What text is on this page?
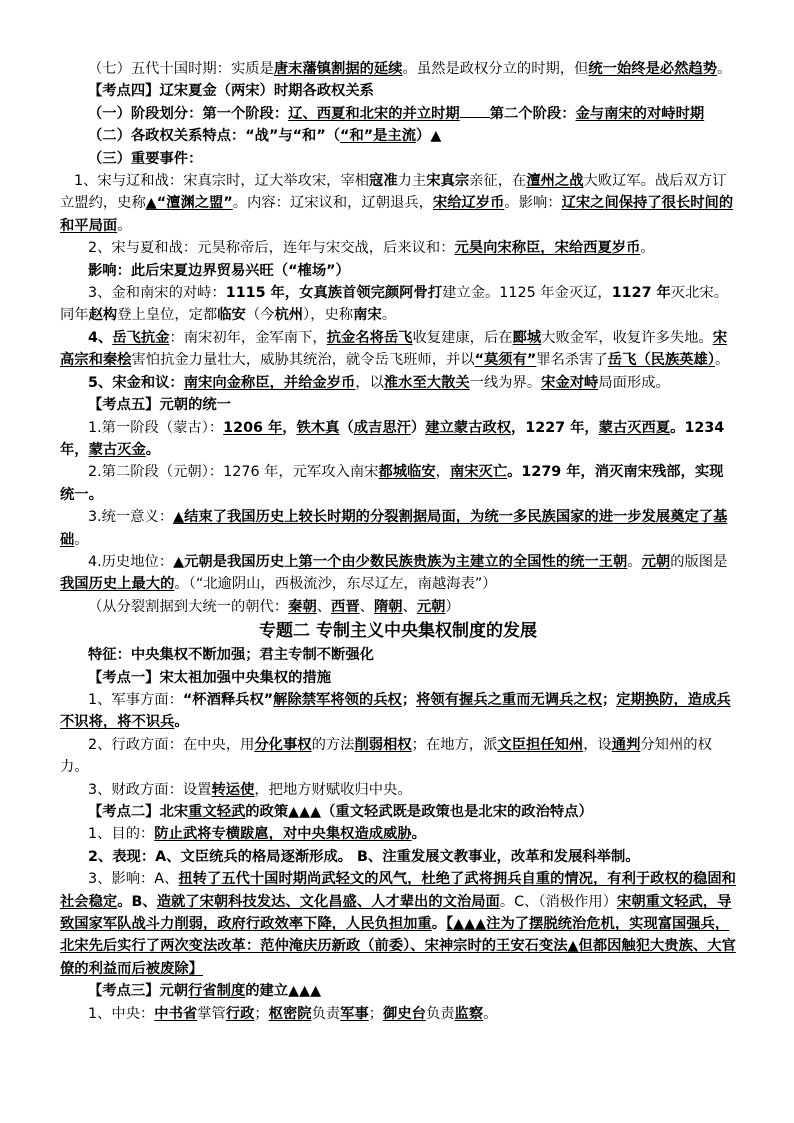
（七）五代十国时期：实质是唐末藩镇割据的延续。虽然是政权分立的时期，但统一始终是必然趋势。

【考点四】辽宋夏金（两宋）时期各政权关系

（一）阶段划分：第一个阶段：辽、西夏和北宋的并立时期 第二个阶段：金与南宋的对峙时期

（二）各政权关系特点：“战”与“和”（“和”是主流）▲

（三）重要事件：

1、宋与辽和战：宋真宗时，辽大举攻宋，宰相寇准力主宋真宗亲征，在澶州之战大败辽军。战后双方订立盟约，史称▲“澶渊之盟”。内容：辽宋议和，辽朝退兵，宋给辽岁币。影响：辽宋之间保持了很长时间的和平局面。

2、宋与夏和战：元昊称帝后，连年与宋交战，后来议和：元昊向宋称臣，宋给西夏岁币。

影响：此后宋夏边界贸易兴旺（“榷场”）

3、金和南宋的对峙：1115 年，女真族首领完颜阿骨打建立金。1125 年金灭辽，1127 年灭北宋。同年赵构登上皇位，定都临安（今杭州），史称南宋。

4、岳飞抗金：南宋初年，金军南下，抗金名将岳飞收复建康，后在郾城大败金军，收复许多失地。宋高宗和秦桧害怕抗金力量壮大，威胁其统治，就令岳飞班师，并以“莫须有”罪名杀害了岳飞（民族英雄）。

5、宋金和议：南宋向金称臣，并给金岁币，以淮水至大散关一线为界。宋金对峙局面形成。

【考点五】元朝的统一

1.第一阶段（蒙古）：1206 年，铁木真（成吉思汗）建立蒙古政权，1227 年，蒙古灭西夏。1234 年，蒙古灭金。

2.第二阶段（元朝）：1276 年，元军攻入南宋都城临安，南宋灭亡。1279 年，消灭南宋残部，实现统一。

3.统一意义：▲结束了我国历史上较长时期的分裂割据局面，为统一多民族国家的进一步发展奠定了基础。

4.历史地位：▲元朝是我国历史上第一个由少数民族贵族为主建立的全国性的统一王朝。元朝的版图是我国历史上最大的。（“北逾阴山，西极流沙，东尽辽左，南越海表”）

（从分裂割据到大统一的朝代：秦朝、西晋、隋朝、元朝）

专题二 专制主义中央集权制度的发展

特征：中央集权不断加强；君主专制不断强化

【考点一】宋太祖加强中央集权的措施

1、军事方面：“杯酒释兵权”解除禁军将领的兵权；将领有握兵之重而无调兵之权；定期换防，造成兵不识将，将不识兵。

2、行政方面：在中央，用分化事权的方法削弱相权；在地方，派文臣担任知州，设通判分知州的权力。

3、财政方面：设置转运使，把地方财赋收归中央。

【考点二】北宋重文轻武的政策▲▲▲（重文轻武既是政策也是北宋的政治特点）

1、目的：防止武将专横跋扈，对中央集权造成威胁。

2、表现：A、文臣统兵的格局逐渐形成。 B、注重发展文教事业，改革和发展科举制。

3、影响：A、扭转了五代十国时期尚武轻文的风气，杜绝了武将拥兵自重的情况，有利于政权的稳固和社会稳定。B、造就了宋朝科技发达、文化昌盛、人才辈出的文治局面。C、（消极作用）宋朝重文轻武，导致国家军队战斗力削弱，政府行政效率下降，人民负担加重。【▲▲▲注为了摆脱统治危机，实现富国强兵，北宋先后实行了两次变法改革：范仲淹庆历新政（前委）、宋神宗时的王安石变法▲但都因触犯大贵族、大官僚的利益而后被废除】

【考点三】元朝行省制度的建立▲▲▲

1、中央：中书省掌管行政；枢密院负责军事；御史台负责监察。
